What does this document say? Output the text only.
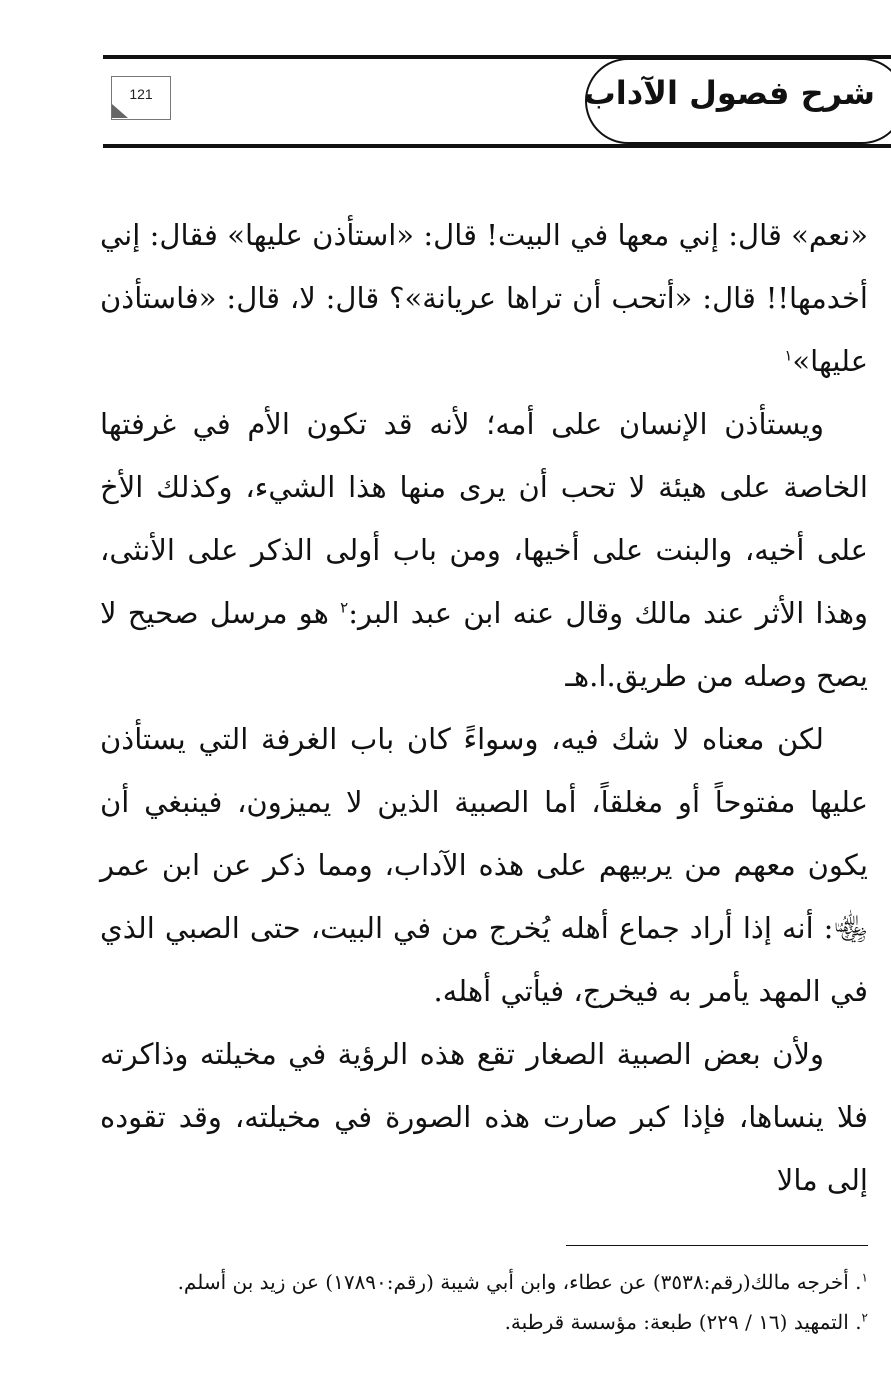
شرح فصول الآداب
121

«نعم» قال: إني معها في البيت! قال: «استأذن عليها» فقال: إني أخدمها!! قال: «أتحب أن تراها عريانة»؟ قال: لا، قال: «فاستأذن عليها»$^١$

ويستأذن الإنسان على أمه؛ لأنه قد تكون الأم في غرفتها الخاصة على هيئة لا تحب أن يرى منها هذا الشيء، وكذلك الأخ على أخيه، والبنت على أخيها، ومن باب أولى الذكر على الأنثى، وهذا الأثر عند مالك وقال عنه ابن عبد البر:$^٢$ هو مرسل صحيح لا يصح وصله من طريق.ا.هـ

لكن معناه لا شك فيه، وسواءً كان باب الغرفة التي يستأذن عليها مفتوحاً أو مغلقاً، أما الصبية الذين لا يميزون، فينبغي أن يكون معهم من يربيهم على هذه الآداب، ومما ذكر عن ابن عمر ﵄: أنه إذا أراد جماع أهله يُخرج من في البيت، حتى الصبي الذي في المهد يأمر به فيخرج، فيأتي أهله.

ولأن بعض الصبية الصغار تقع هذه الرؤية في مخيلته وذاكرته فلا ينساها، فإذا كبر صارت هذه الصورة في مخيلته، وقد تقوده إلى مالا

$^١$. أخرجه مالك(رقم:٣٥٣٨) عن عطاء، وابن أبي شيبة (رقم:١٧٨٩٠) عن زيد بن أسلم.

$^٢$. التمهيد (١٦ / ٢٢٩) طبعة: مؤسسة قرطبة.
